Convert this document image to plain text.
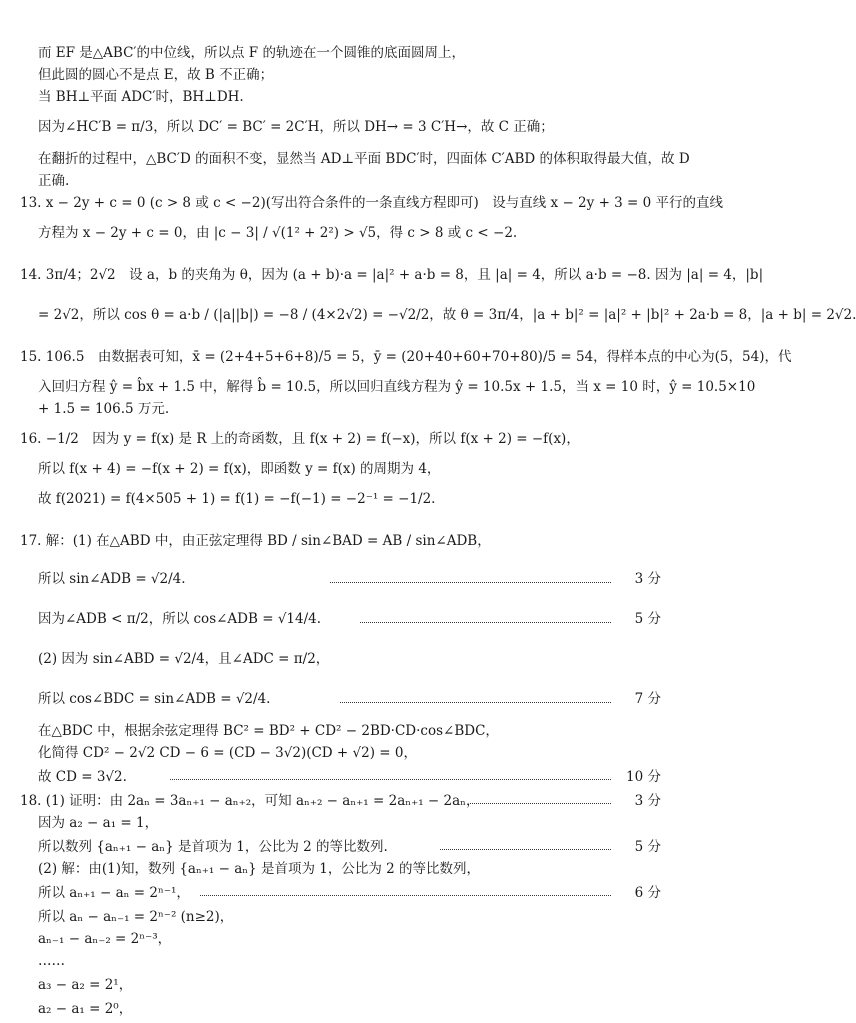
而 EF 是△ABC′的中位线，所以点 F 的轨迹在一个圆锥的底面圆周上，
但此圆的圆心不是点 E，故 B 不正确；
当 BH⊥平面 ADC′时，BH⊥DH.
因为∠HC′B = π/3，所以 DC′ = BC′ = 2C′H，所以 DH→ = 3 C′H→，故 C 正确；
在翻折的过程中，△BC′D 的面积不变，显然当 AD⊥平面 BDC′时，四面体 C′ABD 的体积取得最大值，故 D
正确.
13. x − 2y + c = 0 (c > 8 或 c < −2)(写出符合条件的一条直线方程即可)　设与直线 x − 2y + 3 = 0 平行的直线
方程为 x − 2y + c = 0，由 |c − 3| / √(1² + 2²) > √5，得 c > 8 或 c < −2.
14. 3π/4；2√2　设 a，b 的夹角为 θ，因为 (a + b)·a = |a|² + a·b = 8，且 |a| = 4，所以 a·b = −8. 因为 |a| = 4，|b|
= 2√2，所以 cos θ = a·b / (|a||b|) = −8 / (4×2√2) = −√2/2，故 θ = 3π/4，|a + b|² = |a|² + |b|² + 2a·b = 8，|a + b| = 2√2.
15. 106.5　由数据表可知，x̄ = (2+4+5+6+8)/5 = 5，ȳ = (20+40+60+70+80)/5 = 54，得样本点的中心为(5，54)，代
入回归方程 ŷ = b̂x + 1.5 中，解得 b̂ = 10.5，所以回归直线方程为 ŷ = 10.5x + 1.5，当 x = 10 时，ŷ = 10.5×10
+ 1.5 = 106.5 万元.
16. −1/2　因为 y = f(x) 是 R 上的奇函数，且 f(x + 2) = f(−x)，所以 f(x + 2) = −f(x)，
所以 f(x + 4) = −f(x + 2) = f(x)，即函数 y = f(x) 的周期为 4，
故 f(2021) = f(4×505 + 1) = f(1) = −f(−1) = −2⁻¹ = −1/2.
17. 解：(1) 在△ABD 中，由正弦定理得 BD / sin∠BAD = AB / sin∠ADB，
所以 sin∠ADB = √2/4.	3 分
因为∠ADB < π/2，所以 cos∠ADB = √14/4.	5 分
(2) 因为 sin∠ABD = √2/4，且∠ADC = π/2，
所以 cos∠BDC = sin∠ADB = √2/4.	7 分
在△BDC 中，根据余弦定理得 BC² = BD² + CD² − 2BD·CD·cos∠BDC，
化简得 CD² − 2√2 CD − 6 = (CD − 3√2)(CD + √2) = 0，
故 CD = 3√2.	10 分
18. (1) 证明：由 2aₙ = 3aₙ₊₁ − aₙ₊₂，可知 aₙ₊₂ − aₙ₊₁ = 2aₙ₊₁ − 2aₙ，	3 分
因为 a₂ − a₁ = 1，
所以数列 {aₙ₊₁ − aₙ} 是首项为 1，公比为 2 的等比数列.	5 分
(2) 解：由(1)知，数列 {aₙ₊₁ − aₙ} 是首项为 1，公比为 2 的等比数列，
所以 aₙ₊₁ − aₙ = 2ⁿ⁻¹，	6 分
所以 aₙ − aₙ₋₁ = 2ⁿ⁻² (n≥2)，
aₙ₋₁ − aₙ₋₂ = 2ⁿ⁻³，
……
a₃ − a₂ = 2¹，
a₂ − a₁ = 2⁰，
